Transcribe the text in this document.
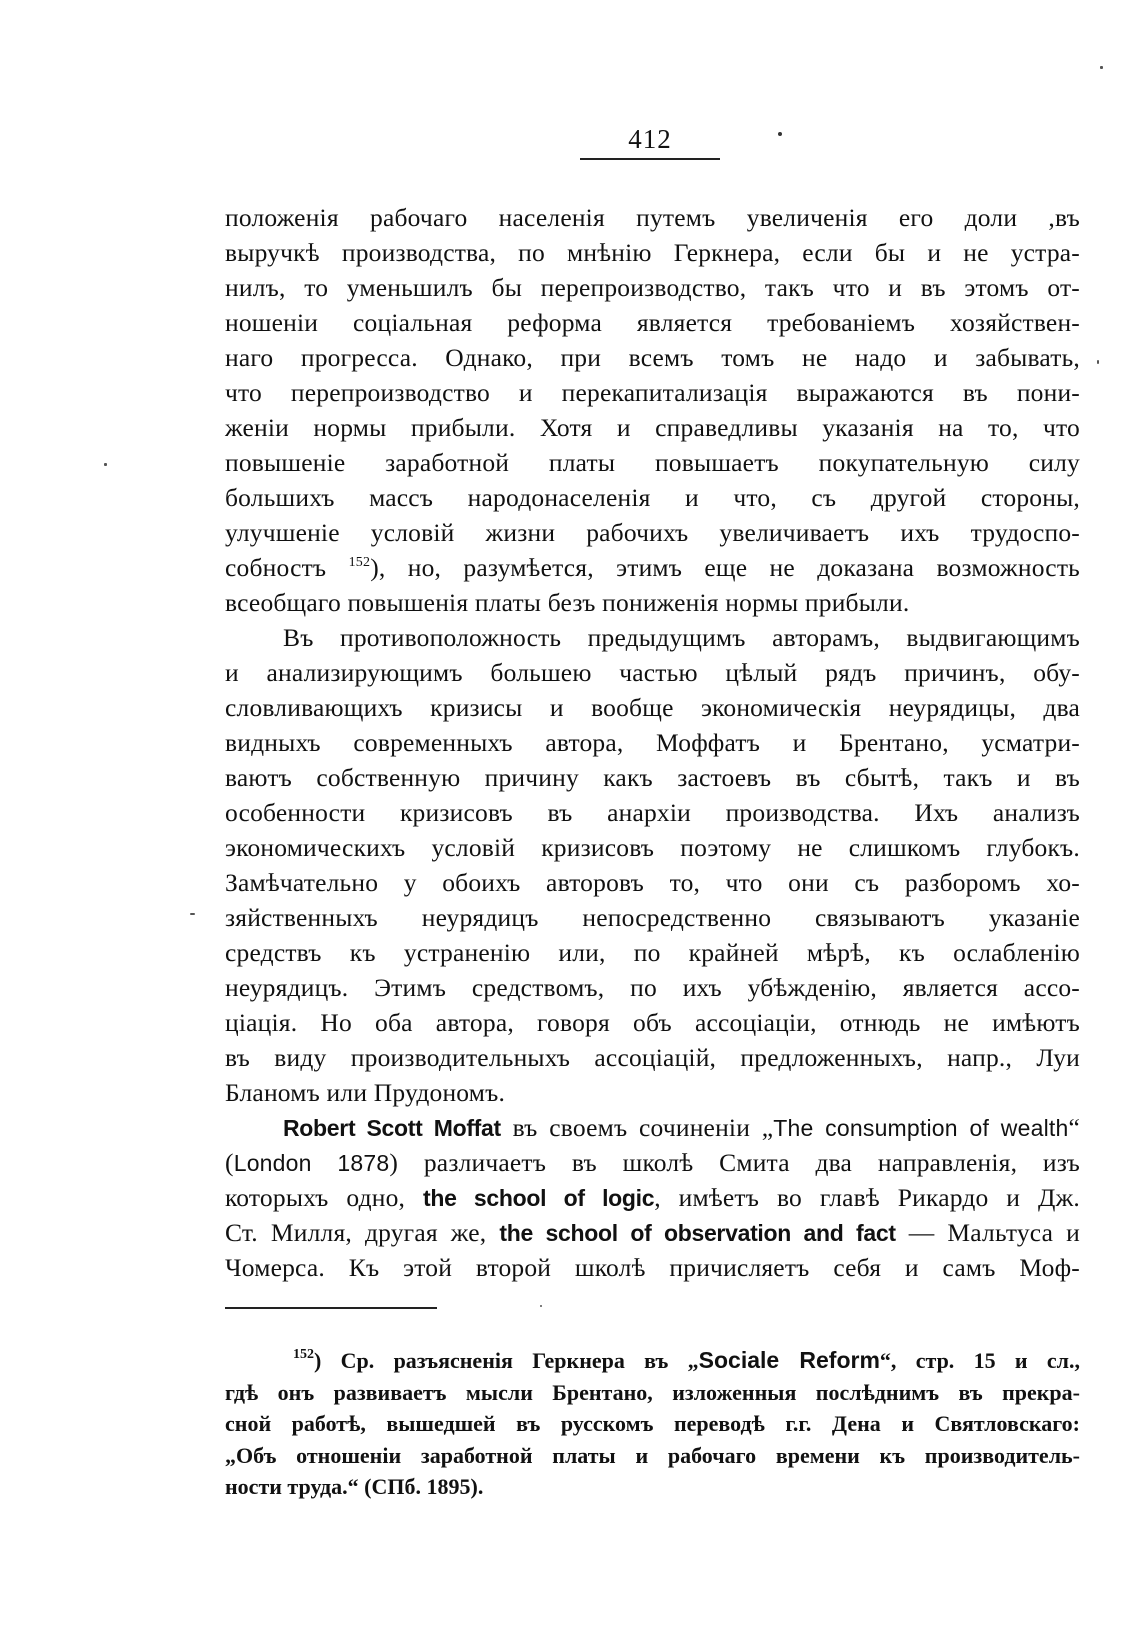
412
положенія рабочаго населенія путемъ увеличенія его доли ,въ
выручкѣ производства, по мнѣнію Геркнера, если бы и не устра-
нилъ, то уменьшилъ бы перепроизводство, такъ что и въ этомъ от-
ношеніи соціальная реформа является требованіемъ хозяйствен-
наго прогресса. Однако, при всемъ томъ не надо и забывать,
что перепроизводство и перекапитализація выражаются въ пони-
женіи нормы прибыли. Хотя и справедливы указанія на то, что
повышеніе заработной платы повышаетъ покупательную силу
большихъ массъ народонаселенія и что, съ другой стороны,
улучшеніе условій жизни рабочихъ увеличиваетъ ихъ трудоспо-
собностъ $^{152}$), но, разумѣется, этимъ еще не доказана возможность
всеобщаго повышенія платы безъ пониженія нормы прибыли.
Въ противоположность предыдущимъ авторамъ, выдвигающимъ
и анализирующимъ большею частью цѣлый рядъ причинъ, обу-
словливающихъ кризисы и вообще экономическія неурядицы, два
видныхъ современныхъ автора, Моффатъ и Брентано, усматри-
ваютъ собственную причину какъ застоевъ въ сбытѣ, такъ и въ
особенности кризисовъ въ анархіи производства. Ихъ анализъ
экономическихъ условій кризисовъ поэтому не слишкомъ глубокъ.
Замѣчательно у обоихъ авторовъ то, что они съ разборомъ хо-
зяйственныхъ неурядицъ непосредственно связываютъ указаніе
средствъ къ устраненію или, по крайней мѣрѣ, къ ослабленію
неурядицъ. Этимъ средствомъ, по ихъ убѣжденію, является ассо-
ціація. Но оба автора, говоря объ ассоціаціи, отнюдь не имѣютъ
въ виду производительныхъ ассоціацій, предложенныхъ, напр., Луи
Бланомъ или Прудономъ.
Robert Scott Moffat въ своемъ сочиненіи „The consumption of wealth“
(London 1878) различаетъ въ школѣ Смита два направленія, изъ
которыхъ одно, the school of logic, имѣетъ во главѣ Рикардо и Дж.
Ст. Милля, другая же, the school of observation and fact — Мальтуса и
Чомерса. Къ этой второй школѣ причисляетъ себя и самъ Моф-
$^{152}$) Ср. разъясненія Геркнера въ „Sociale Reform“, стр. 15 и сл.,
гдѣ онъ развиваетъ мысли Брентано, изложенныя послѣднимъ въ прекра-
сной работѣ, вышедшей въ русскомъ переводѣ г.г. Дена и Святловскаго:
„Объ отношеніи заработной платы и рабочаго времени къ производитель-
ности труда.“ (СПб. 1895).
